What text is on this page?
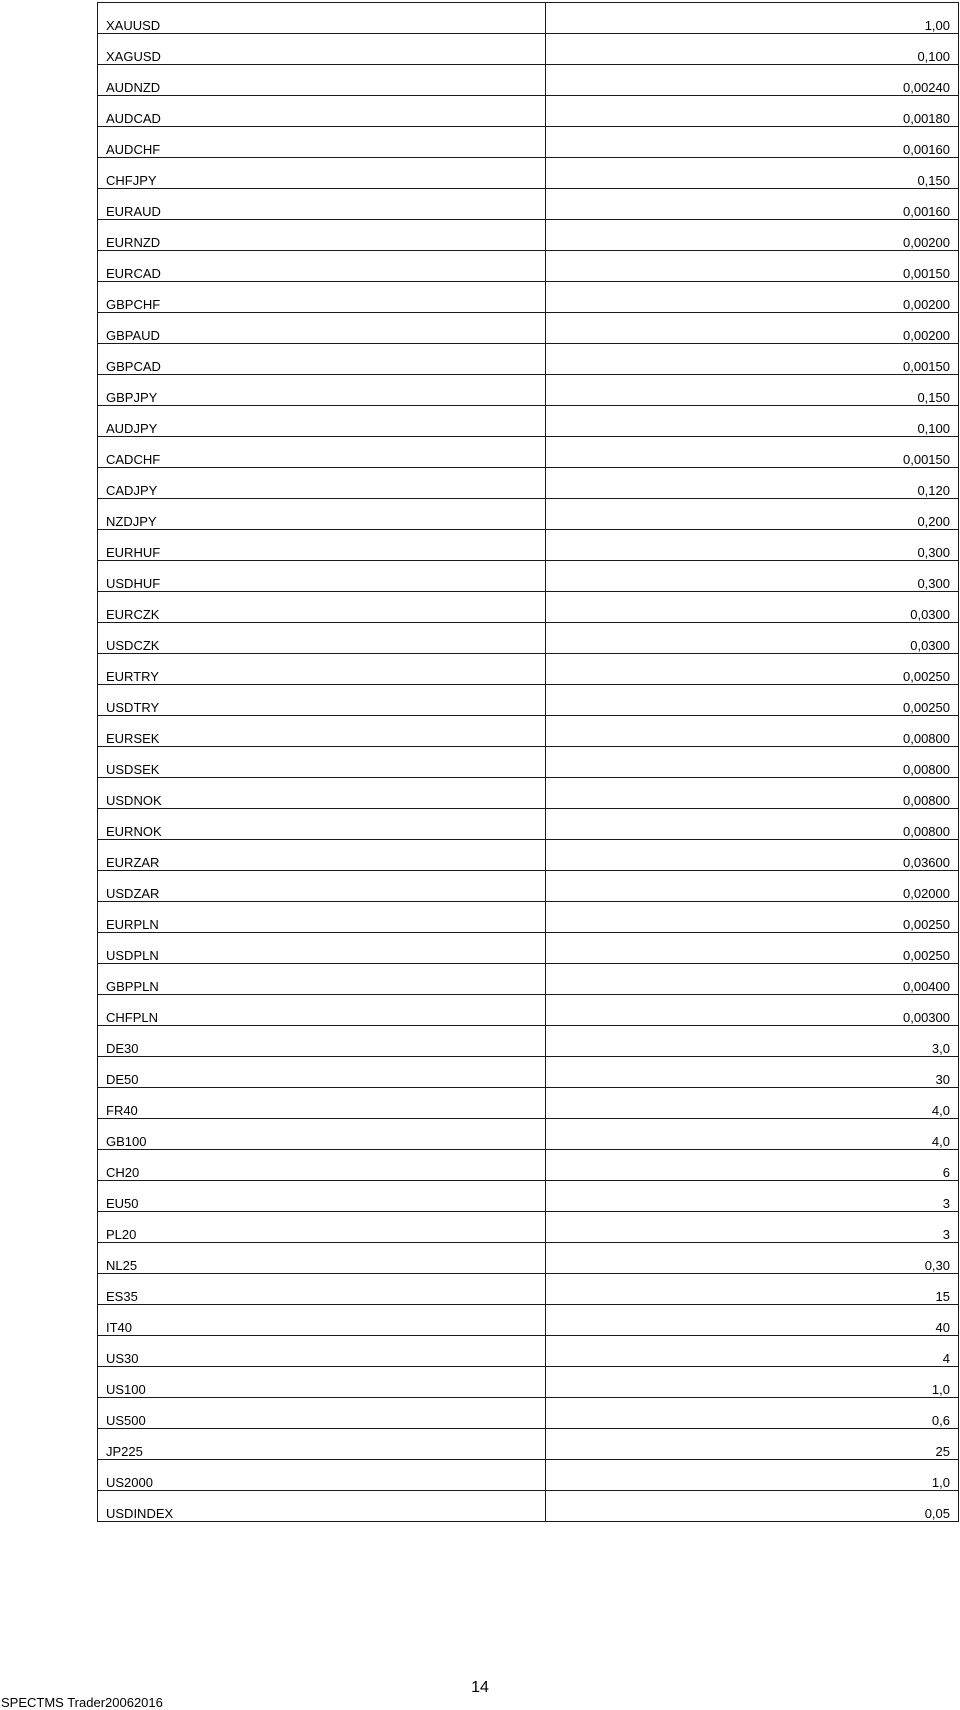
XAUUSD	1,00
XAGUSD	0,100
AUDNZD	0,00240
AUDCAD	0,00180
AUDCHF	0,00160
CHFJPY	0,150
EURAUD	0,00160
EURNZD	0,00200
EURCAD	0,00150
GBPCHF	0,00200
GBPAUD	0,00200
GBPCAD	0,00150
GBPJPY	0,150
AUDJPY	0,100
CADCHF	0,00150
CADJPY	0,120
NZDJPY	0,200
EURHUF	0,300
USDHUF	0,300
EURCZK	0,0300
USDCZK	0,0300
EURTRY	0,00250
USDTRY	0,00250
EURSEK	0,00800
USDSEK	0,00800
USDNOK	0,00800
EURNOK	0,00800
EURZAR	0,03600
USDZAR	0,02000
EURPLN	0,00250
USDPLN	0,00250
GBPPLN	0,00400
CHFPLN	0,00300
DE30	3,0
DE50	30
FR40	4,0
GB100	4,0
CH20	6
EU50	3
PL20	3
NL25	0,30
ES35	15
IT40	40
US30	4
US100	1,0
US500	0,6
JP225	25
US2000	1,0
USDINDEX	0,05
14
SPECTMS Trader20062016
